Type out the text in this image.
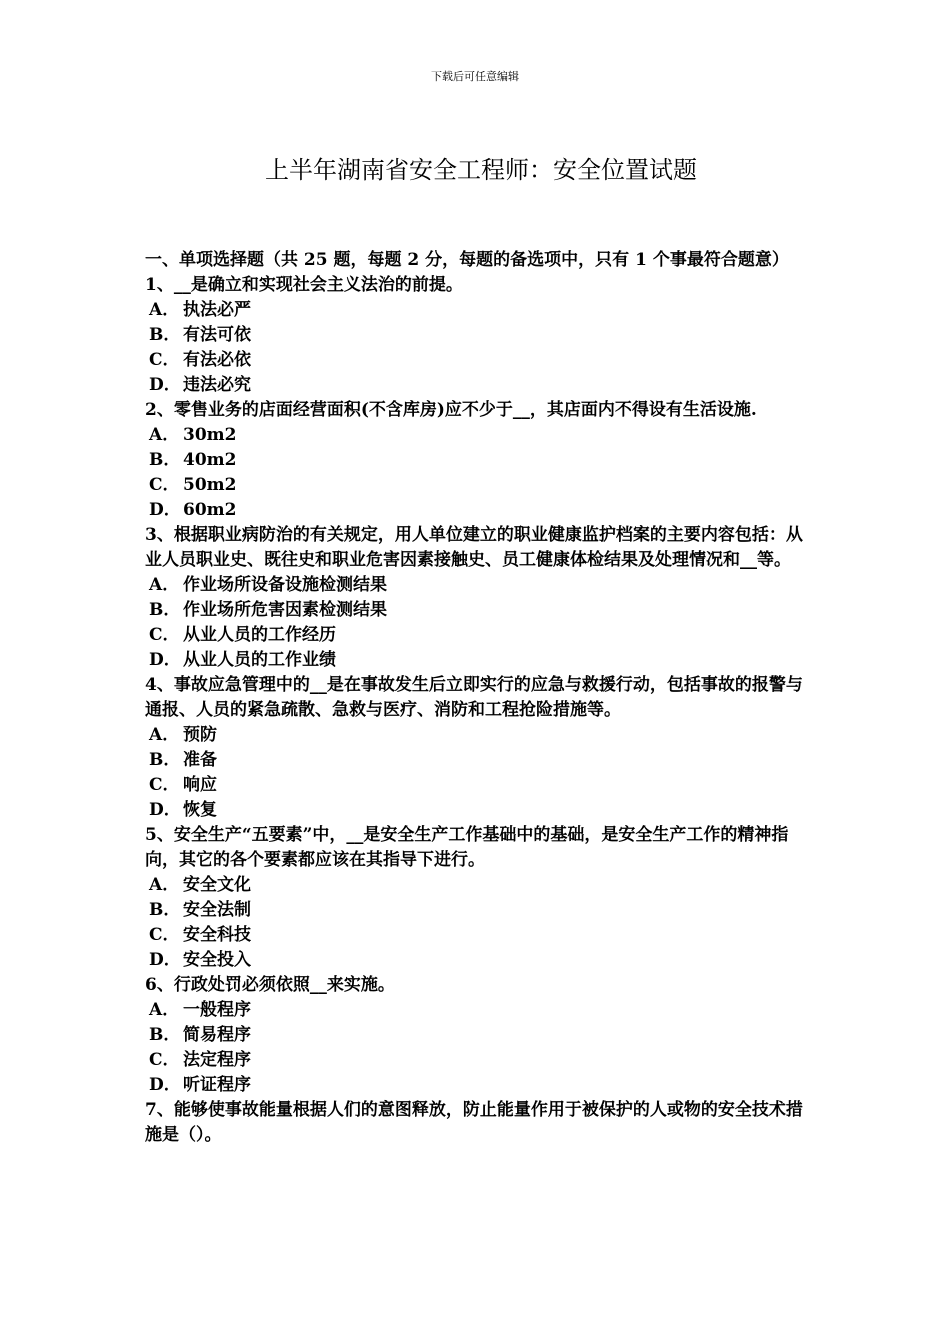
下载后可任意编辑
上半年湖南省安全工程师：安全位置试题

一、单项选择题（共 25 题，每题 2 分，每题的备选项中，只有 1 个事最符合题意）

1、__是确立和实现社会主义法治的前提。

A． 执法必严
B． 有法可依
C． 有法必依
D． 违法必究

2、零售业务的店面经营面积(不含库房)应不少于__，其店面内不得设有生活设施.

A． 30m2
B． 40m2
C． 50m2
D． 60m2

3、根据职业病防治的有关规定，用人单位建立的职业健康监护档案的主要内容包括：从业人员职业史、既往史和职业危害因素接触史、员工健康体检结果及处理情况和__等。

A． 作业场所设备设施检测结果
B． 作业场所危害因素检测结果
C． 从业人员的工作经历
D． 从业人员的工作业绩

4、事故应急管理中的__是在事故发生后立即实行的应急与救援行动，包括事故的报警与通报、人员的紧急疏散、急救与医疗、消防和工程抢险措施等。

A． 预防
B． 准备
C． 响应
D． 恢复

5、安全生产“五要素”中，__是安全生产工作基础中的基础，是安全生产工作的精神指向，其它的各个要素都应该在其指导下进行。

A． 安全文化
B． 安全法制
C． 安全科技
D． 安全投入

6、行政处罚必须依照__来实施。

A． 一般程序
B． 简易程序
C． 法定程序
D． 听证程序

7、能够使事故能量根据人们的意图释放，防止能量作用于被保护的人或物的安全技术措施是（）。
